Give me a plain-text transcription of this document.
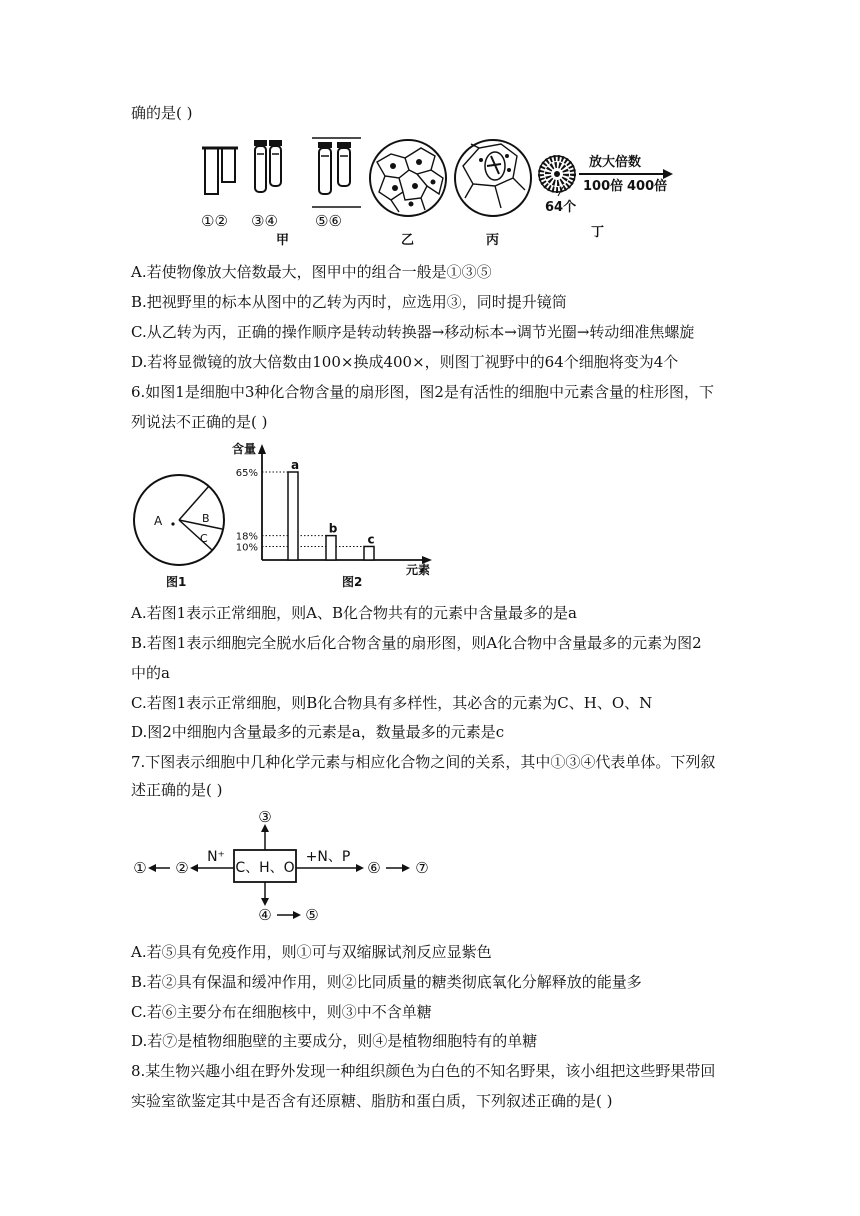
确的是( )
①② ③④ ⑤⑥
甲	乙	丙
64个
丁
放大倍数
100倍 400倍
A.若使物像放大倍数最大，图甲中的组合一般是①③⑤
B.把视野里的标本从图中的乙转为丙时，应选用③，同时提升镜筒
C.从乙转为丙，正确的操作顺序是转动转换器→移动标本→调节光圈→转动细准焦螺旋
D.若将显微镜的放大倍数由100×换成400×，则图丁视野中的64个细胞将变为4个
6.如图1是细胞中3种化合物含量的扇形图，图2是有活性的细胞中元素含量的柱形图，下
列说法不正确的是( )
A	B
C
图1
含量
65%
18%
10%
a
b
c
元素
图2
A.若图1表示正常细胞，则A、B化合物共有的元素中含量最多的是a
B.若图1表示细胞完全脱水后化合物含量的扇形图，则A化合物中含量最多的元素为图2
中的a
C.若图1表示正常细胞，则B化合物具有多样性，其必含的元素为C、H、O、N
D.图2中细胞内含量最多的元素是a，数量最多的元素是c
7.下图表示细胞中几种化学元素与相应化合物之间的关系，其中①③④代表单体。下列叙
述正确的是( )
C、H、O
③
④ ⑤
N⁺
②
①
+N、P
⑥ ⑦
A.若⑤具有免疫作用，则①可与双缩脲试剂反应显紫色
B.若②具有保温和缓冲作用，则②比同质量的糖类彻底氧化分解释放的能量多
C.若⑥主要分布在细胞核中，则③中不含单糖
D.若⑦是植物细胞壁的主要成分，则④是植物细胞特有的单糖
8.某生物兴趣小组在野外发现一种组织颜色为白色的不知名野果，该小组把这些野果带回
实验室欲鉴定其中是否含有还原糖、脂肪和蛋白质，下列叙述正确的是( )
